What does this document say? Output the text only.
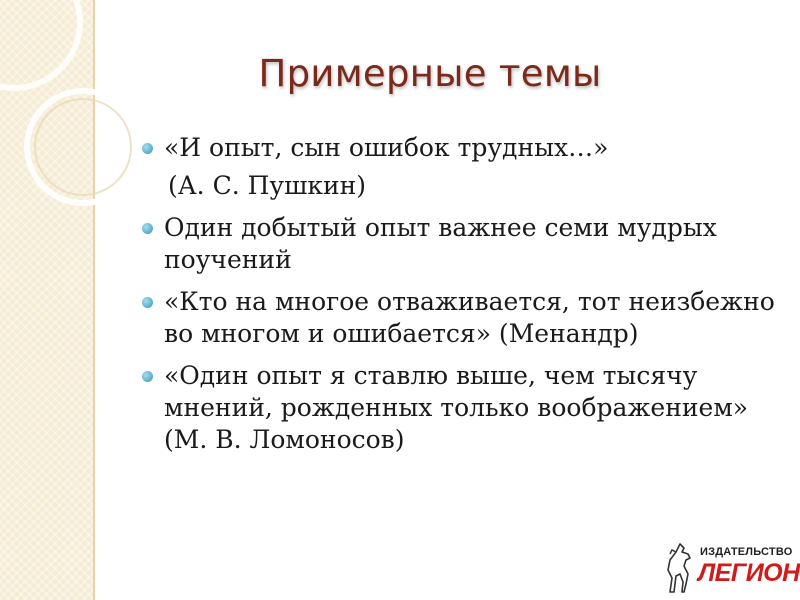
Примерные темы
«И опыт, сын ошибок трудных…»
(А. С. Пушкин)
Один добытый опыт важнее семи мудрых поучений
«Кто на многое отваживается, тот неизбежно во многом и ошибается» (Менандр)
«Один опыт я ставлю выше, чем тысячу мнений, рожденных только воображением» (М. В. Ломоносов)
ИЗДАТЕЛЬСТВО
ЛЕГИОН
